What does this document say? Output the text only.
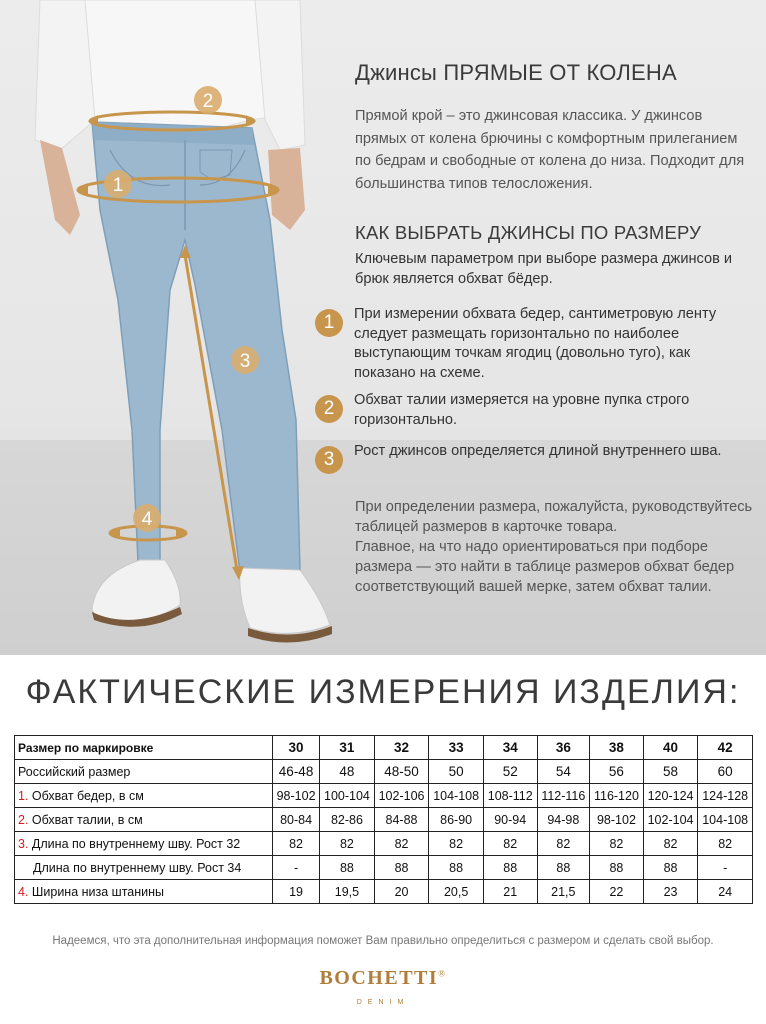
2
1
3
4
Джинсы ПРЯМЫЕ ОТ КОЛЕНА
Прямой крой – это джинсовая классика. У джинсов прямых от колена брючины с комфортным прилеганием по бедрам и свободные от колена до низа. Подходит для большинства типов телосложения.
КАК ВЫБРАТЬ ДЖИНСЫ ПО РАЗМЕРУ
Ключевым параметром при выборе размера джинсов и брюк является обхват бёдер.
1	При измерении обхвата бедер, сантиметровую ленту следует размещать горизонтально по наиболее выступающим точкам ягодиц (довольно туго), как показано на схеме.
2	Обхват талии измеряется на уровне пупка строго горизонтально.
3	Рост джинсов определяется длиной внутреннего шва.
При определении размера, пожалуйста, руководствуйтесь таблицей размеров в карточке товара.
Главное, на что надо ориентироваться при подборе размера — это найти в таблице размеров обхват бедер соответствующий вашей мерке, затем обхват талии.
ФАКТИЧЕСКИЕ ИЗМЕРЕНИЯ ИЗДЕЛИЯ:
Размер по маркировке	30	31	32	33	34	36	38	40	42
Российский размер	46-48	48	48-50	50	52	54	56	58	60
1. Обхват бедер, в см	98-102	100-104	102-106	104-108	108-112	112-116	116-120	120-124	124-128
2. Обхват талии, в см	80-84	82-86	84-88	86-90	90-94	94-98	98-102	102-104	104-108
3. Длина по внутреннему шву. Рост 32	82	82	82	82	82	82	82	82	82
Длина по внутреннему шву. Рост 34	-	88	88	88	88	88	88	88	-
4. Ширина низа штанины	19	19,5	20	20,5	21	21,5	22	23	24
Надеемся, что эта дополнительная информация поможет Вам правильно определиться с размером и сделать свой выбор.
BOCHETTI®
DENIM
